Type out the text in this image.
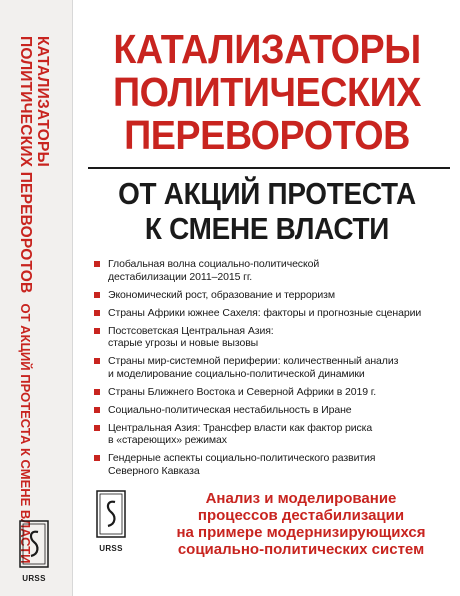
КАТАЛИЗАТОРЫ
ПОЛИТИЧЕСКИХ ПЕРЕВОРОТОВ
ОТ АКЦИЙ ПРОТЕСТА К СМЕНЕ ВЛАСТИ
URSS
КАТАЛИЗАТОРЫ
ПОЛИТИЧЕСКИХ
ПЕРЕВОРОТОВ
ОТ АКЦИЙ ПРОТЕСТА
К СМЕНЕ ВЛАСТИ
Глобальная волна социально-политической
дестабилизации 2011–2015 гг.
Экономический рост, образование и терроризм
Страны Африки южнее Сахеля: факторы и прогнозные сценарии
Постсоветская Центральная Азия:
старые угрозы и новые вызовы
Страны мир-системной периферии: количественный анализ
и моделирование социально-политической динамики
Страны Ближнего Востока и Северной Африки в 2019 г.
Социально-политическая нестабильность в Иране
Центральная Азия: Трансфер власти как фактор риска
в «стареющих» режимах
Гендерные аспекты социально-политического развития
Северного Кавказа
URSS
Анализ и моделирование
процессов дестабилизации
на примере модернизирующихся
социально-политических систем
